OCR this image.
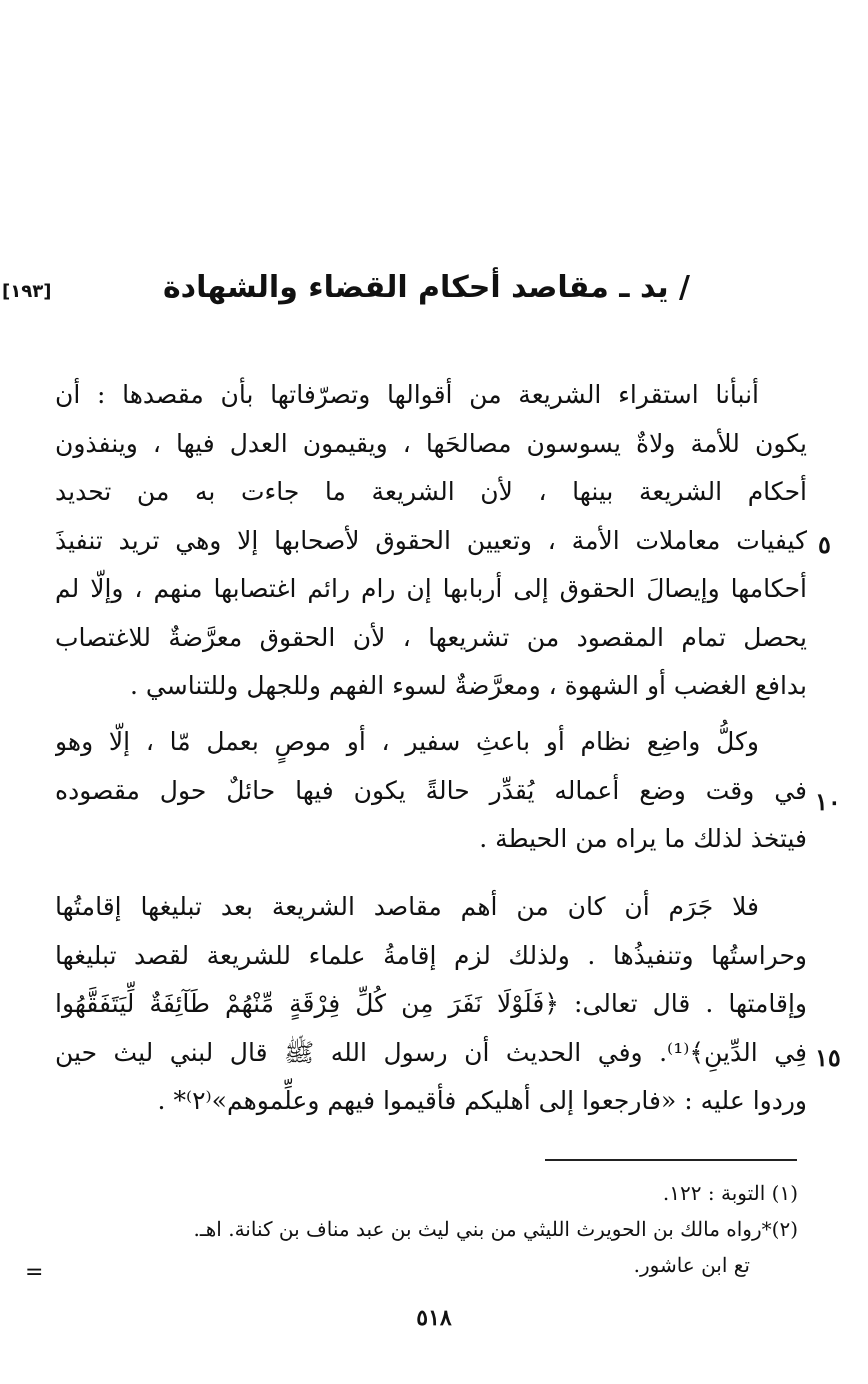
[١٩٣]	/ يد ـ مقاصد أحكام القضاء والشهادة
أنبأنا استقراء الشريعة من أقوالها وتصرّفاتها بأن مقصدها : أن
يكون للأمة ولاةٌ يسوسون مصالحَها ، ويقيمون العدل فيها ، وينفذون
أحكام الشريعة بينها ، لأن الشريعة ما جاءت به من تحديد
كيفيات معاملات الأمة ، وتعيين الحقوق لأصحابها إلا وهي تريد تنفيذَ
أحكامها وإيصالَ الحقوق إلى أربابها إن رام رائم اغتصابها منهم ، وإلّا لم
يحصل تمام المقصود من تشريعها ، لأن الحقوق معرَّضةٌ للاغتصاب
بدافع الغضب أو الشهوة ، ومعرَّضةٌ لسوء الفهم وللجهل وللتناسي .
وكلُّ واضِع نظام أو باعثِ سفير ، أو موصٍ بعمل مّا ، إلّا وهو
في وقت وضع أعماله يُقدِّر حالةً يكون فيها حائلٌ حول مقصوده
فيتخذ لذلك ما يراه من الحيطة .
فلا جَرَم أن كان من أهم مقاصد الشريعة بعد تبليغها إقامتُها
وحراستُها وتنفيذُها . ولذلك لزم إقامةُ علماء للشريعة لقصد تبليغها
وإقامتها . قال تعالى: ﴿فَلَوْلَا نَفَرَ مِن كُلِّ فِرْقَةٍ مِّنْهُمْ طَآئِفَةٌ لِّيَتَفَقَّهُوا
فِي الدِّينِ﴾⁽¹⁾. وفي الحديث أن رسول الله ﷺ قال لبني ليث حين
وردوا عليه : «فارجعوا إلى أهليكم فأقيموا فيهم وعلِّموهم»⁽٢⁾* .
٥
١٠
١٥
(١) التوبة : ١٢٢.
(٢)*رواه مالك بن الحويرث الليثي من بني ليث بن عبد مناف بن كنانة. اهـ.
تع ابن عاشور.
=
٥١٨
